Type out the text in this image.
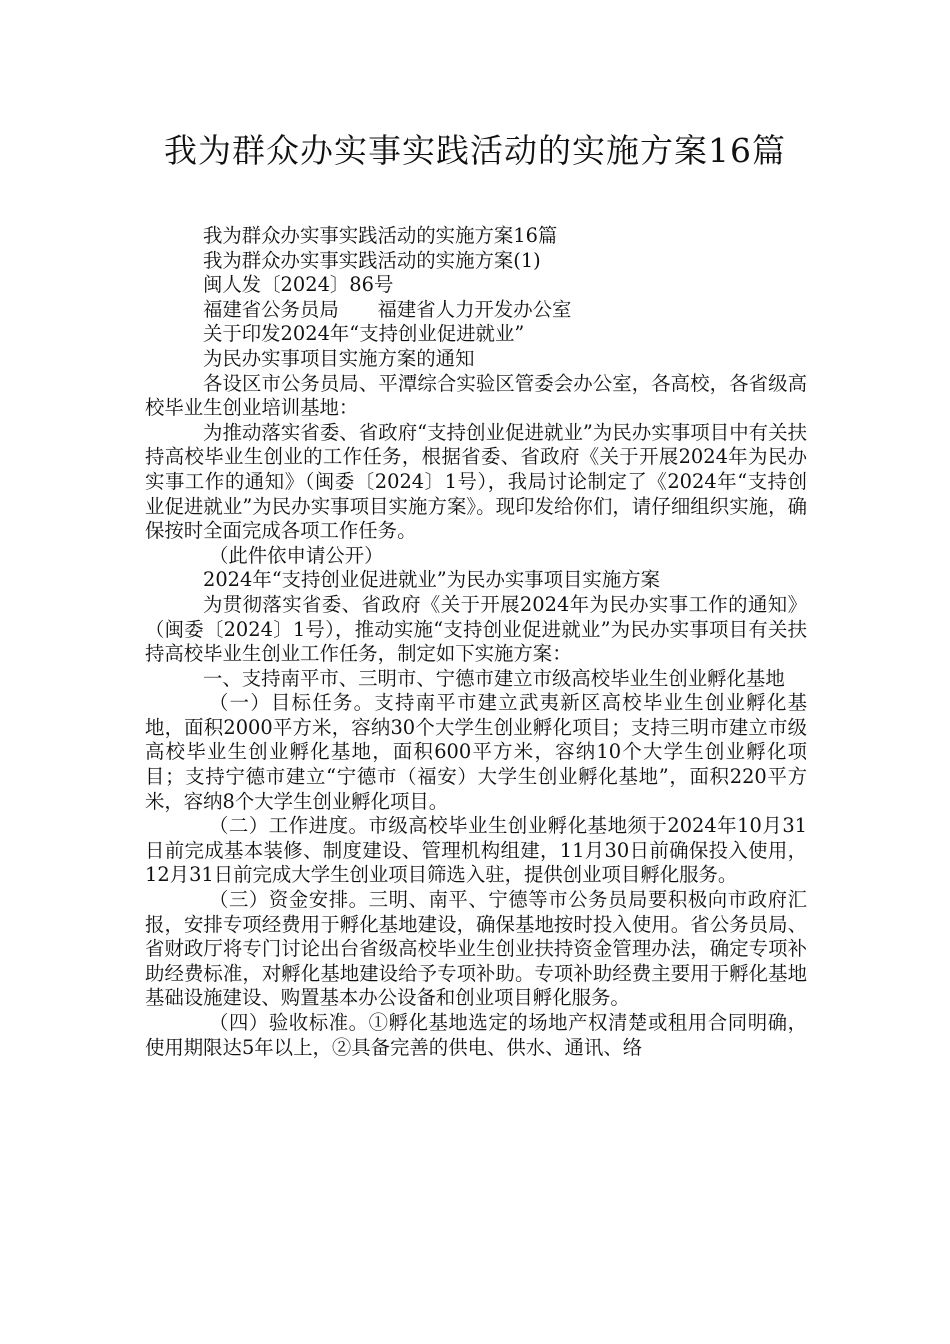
我为群众办实事实践活动的实施方案16篇

我为群众办实事实践活动的实施方案16篇

我为群众办实事实践活动的实施方案(1)

闽人发〔2024〕86号

福建省公务员局　　福建省人力开发办公室

关于印发2024年“支持创业促进就业”

为民办实事项目实施方案的通知

各设区市公务员局、平潭综合实验区管委会办公室，各高校，各省级高校毕业生创业培训基地：

为推动落实省委、省政府“支持创业促进就业”为民办实事项目中有关扶持高校毕业生创业的工作任务，根据省委、省政府《关于开展2024年为民办实事工作的通知》（闽委〔2024〕1号），我局讨论制定了《2024年“支持创业促进就业”为民办实事项目实施方案》。现印发给你们，请仔细组织实施，确保按时全面完成各项工作任务。

（此件依申请公开）

2024年“支持创业促进就业”为民办实事项目实施方案

为贯彻落实省委、省政府《关于开展2024年为民办实事工作的通知》（闽委〔2024〕1号），推动实施“支持创业促进就业”为民办实事项目有关扶持高校毕业生创业工作任务，制定如下实施方案：

一、支持南平市、三明市、宁德市建立市级高校毕业生创业孵化基地

（一）目标任务。支持南平市建立武夷新区高校毕业生创业孵化基地，面积2000平方米，容纳30个大学生创业孵化项目；支持三明市建立市级高校毕业生创业孵化基地，面积600平方米，容纳10个大学生创业孵化项目；支持宁德市建立“宁德市（福安）大学生创业孵化基地”，面积220平方米，容纳8个大学生创业孵化项目。

（二）工作进度。市级高校毕业生创业孵化基地须于2024年10月31日前完成基本装修、制度建设、管理机构组建，11月30日前确保投入使用，12月31日前完成大学生创业项目筛选入驻，提供创业项目孵化服务。

（三）资金安排。三明、南平、宁德等市公务员局要积极向市政府汇报，安排专项经费用于孵化基地建设，确保基地按时投入使用。省公务员局、省财政厅将专门讨论出台省级高校毕业生创业扶持资金管理办法，确定专项补助经费标准，对孵化基地建设给予专项补助。专项补助经费主要用于孵化基地基础设施建设、购置基本办公设备和创业项目孵化服务。

（四）验收标准。①孵化基地选定的场地产权清楚或租用合同明确，使用期限达5年以上，②具备完善的供电、供水、通讯、络
